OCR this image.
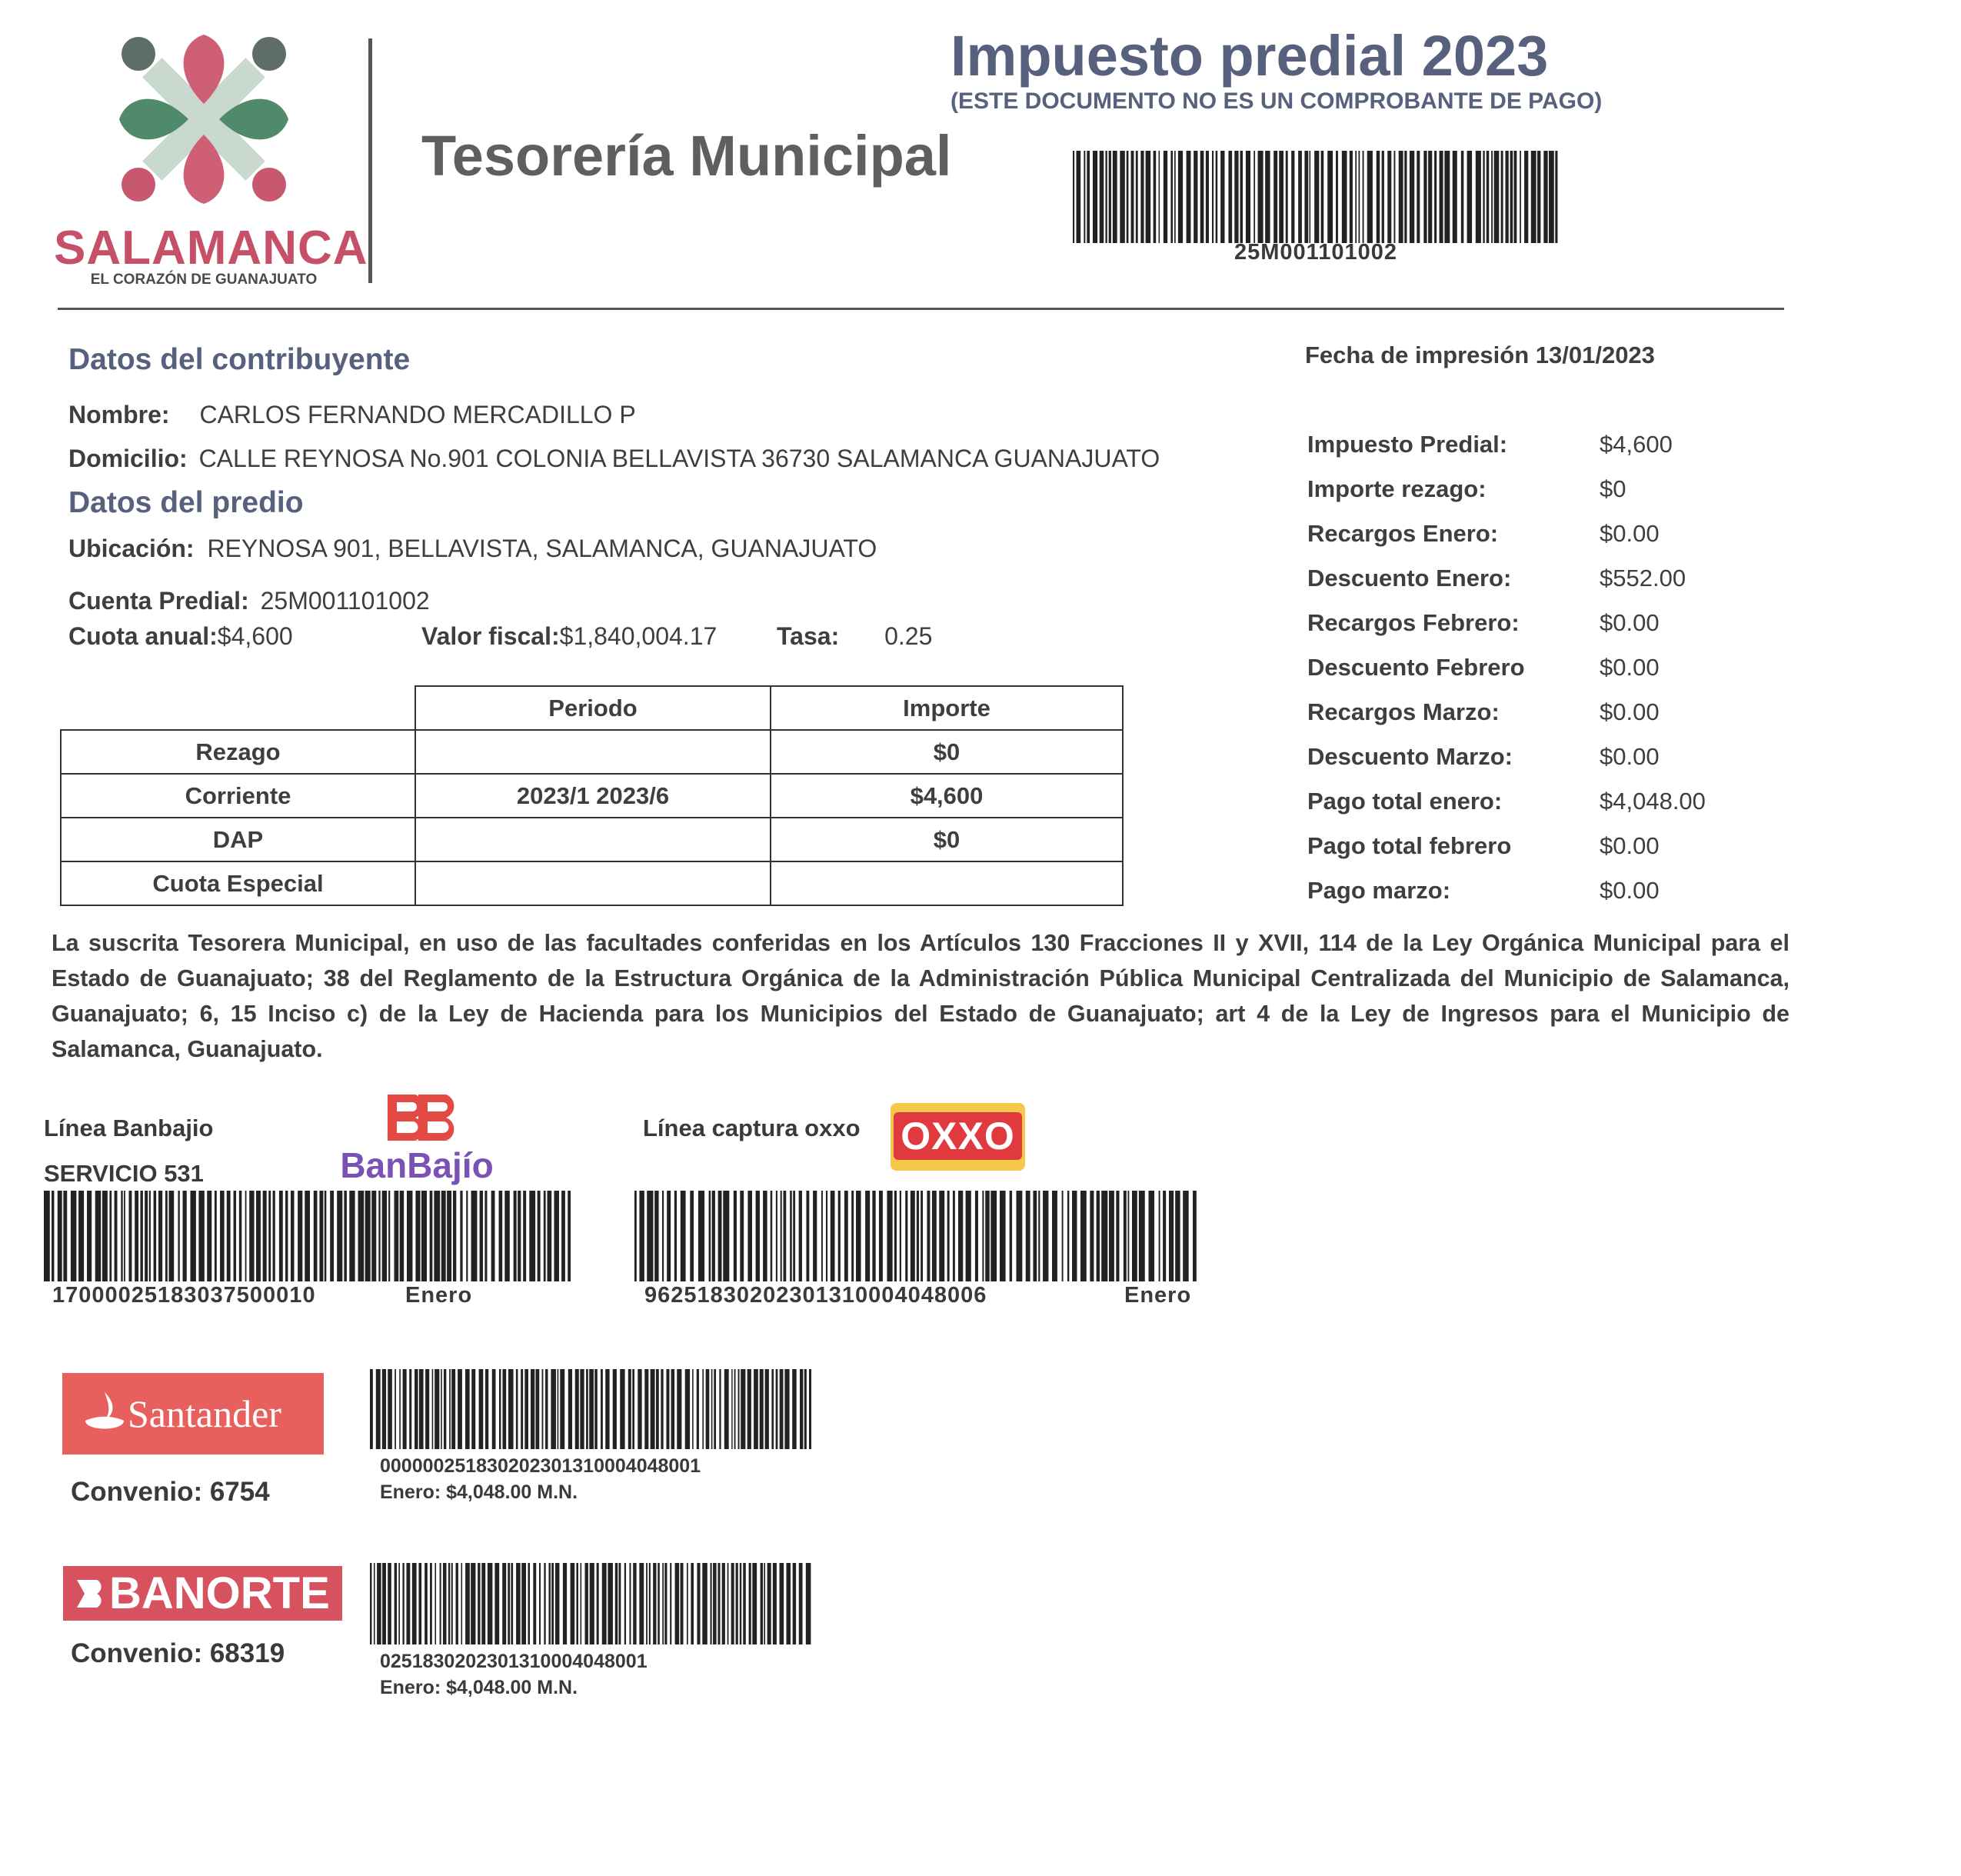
SALAMANCA
EL CORAZÓN DE GUANAJUATO
Tesorería Municipal
Impuesto predial 2023
(ESTE DOCUMENTO NO ES UN COMPROBANTE DE PAGO)
25M001101002
Fecha de impresión 13/01/2023
Datos del contribuyente
Nombre: CARLOS FERNANDO MERCADILLO P
Domicilio: CALLE REYNOSA No.901 COLONIA BELLAVISTA 36730 SALAMANCA GUANAJUATO
Datos del predio
Ubicación: REYNOSA 901, BELLAVISTA, SALAMANCA, GUANAJUATO
Cuenta Predial: 25M001101002
Cuota anual:$4,600	Valor fiscal:$1,840,004.17 Tasa: 0.25
	Periodo	Importe
Rezago		$0
Corriente	2023/1 2023/6	$4,600
DAP		$0
Cuota Especial		
Impuesto Predial:	$4,600
Importe rezago:	$0
Recargos Enero:	$0.00
Descuento Enero:	$552.00
Recargos Febrero:	$0.00
Descuento Febrero	$0.00
Recargos Marzo:	$0.00
Descuento Marzo:	$0.00
Pago total enero:	$4,048.00
Pago total febrero	$0.00
Pago marzo:	$0.00
La suscrita Tesorera Municipal, en uso de las facultades conferidas en los Artículos 130 Fracciones II y XVII, 114 de la Ley Orgánica Municipal para el Estado de Guanajuato; 38 del Reglamento de la Estructura Orgánica de la Administración Pública Municipal Centralizada del Municipio de Salamanca, Guanajuato; 6, 15 Inciso c) de la Ley de Hacienda para los Municipios del Estado de Guanajuato; art 4 de la Ley de Ingresos para el Municipio de Salamanca, Guanajuato.
Línea Banbajio
SERVICIO 531	BanBajío
17000025183037500010	Enero
Línea captura oxxo OXXO
96251830202301310004048006	Enero
Santander
Convenio: 6754
000000251830202301310004048001
Enero: $4,048.00 M.N.
BANORTE
Convenio: 68319	0251830202301310004048001
Enero: $4,048.00 M.N.
